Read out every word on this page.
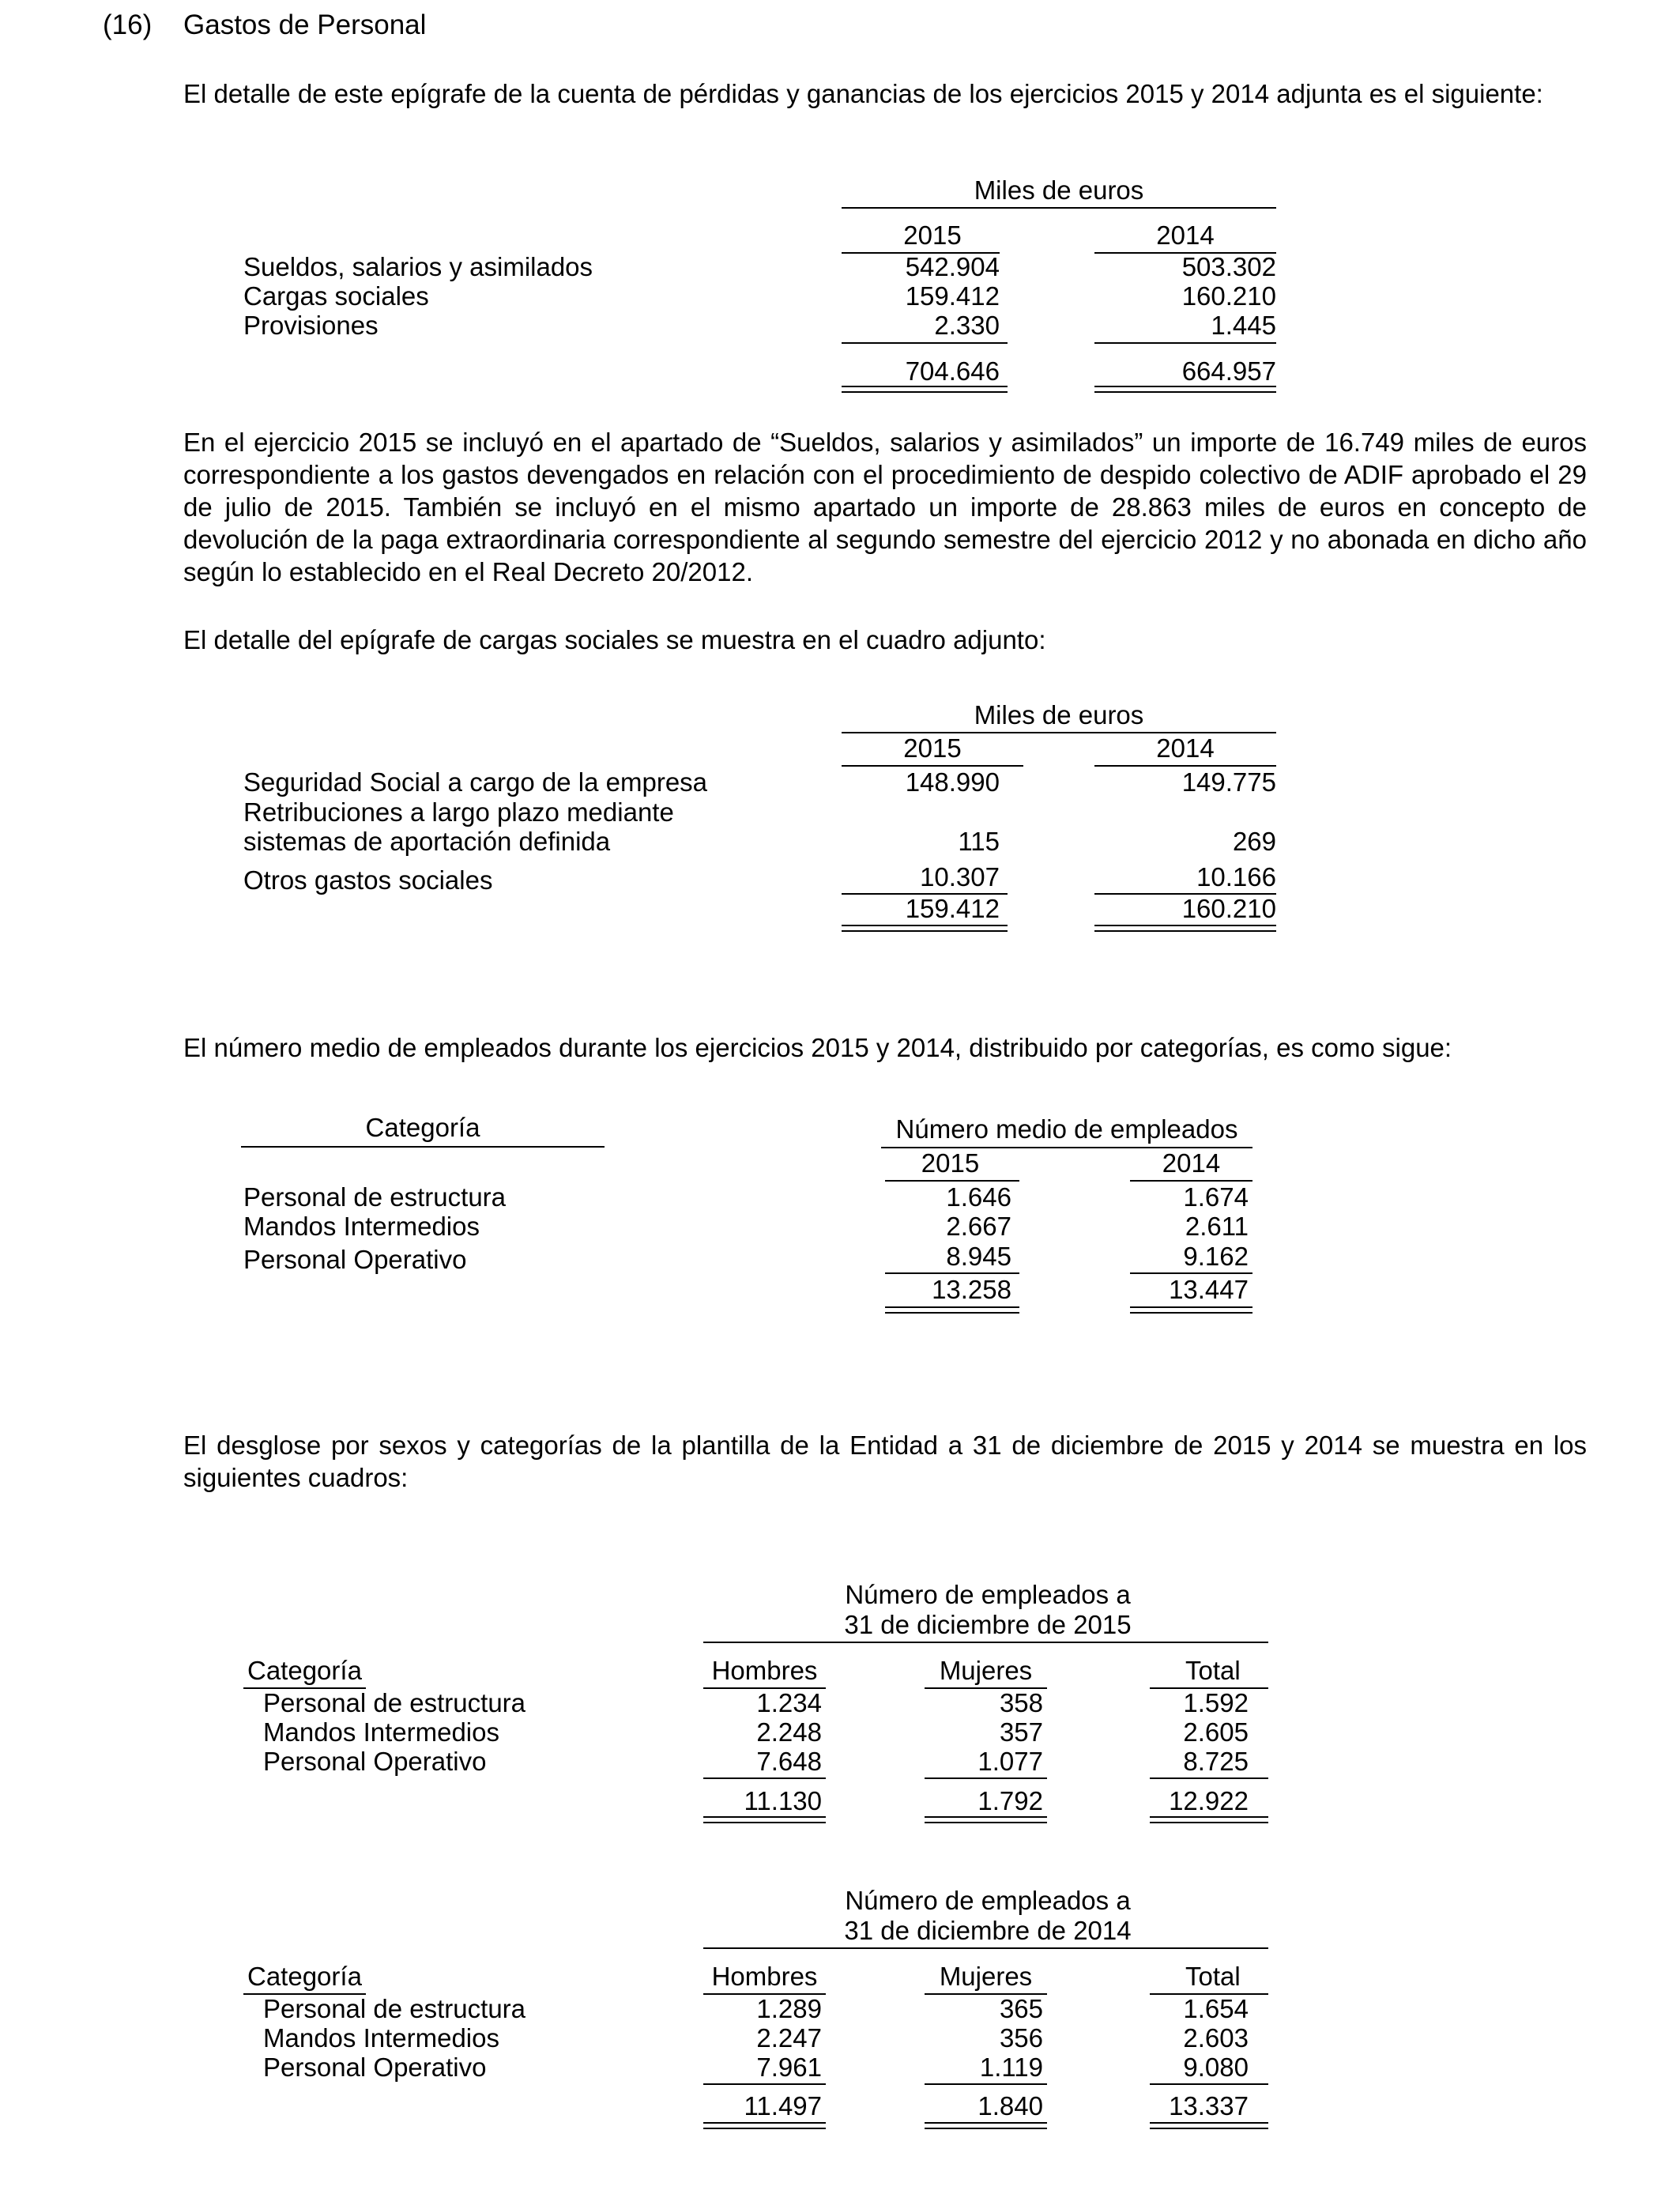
(16) Gastos de Personal
El detalle de este epígrafe de la cuenta de pérdidas y ganancias de los ejercicios 2015 y 2014 adjunta es el siguiente:
Miles de euros
2015	2014
Sueldos, salarios y asimilados	542.904	503.302
Cargas sociales	159.412	160.210
Provisiones	2.330	1.445
704.646	664.957
En el ejercicio 2015 se incluyó en el apartado de “Sueldos, salarios y asimilados” un importe de 16.749 miles de euros correspondiente a los gastos devengados en relación con el procedimiento de despido colectivo de ADIF aprobado el 29 de julio de 2015. También se incluyó en el mismo apartado un importe de 28.863 miles de euros en concepto de devolución de la paga extraordinaria correspondiente al segundo semestre del ejercicio 2012 y no abonada en dicho año según lo establecido en el Real Decreto 20/2012.
El detalle del epígrafe de cargas sociales se muestra en el cuadro adjunto:
Miles de euros
2015	2014
Seguridad Social a cargo de la empresa	148.990	149.775
Retribuciones a largo plazo mediante
sistemas de aportación definida	115	269
Otros gastos sociales	10.307	10.166
159.412	160.210
El número medio de empleados durante los ejercicios 2015 y 2014, distribuido por categorías, es como sigue:
Categoría	Número medio de empleados
2015	2014
Personal de estructura	1.646	1.674
Mandos Intermedios	2.667	2.611
Personal Operativo	8.945	9.162
13.258	13.447
El desglose por sexos y categorías de la plantilla de la Entidad a 31 de diciembre de 2015 y 2014 se muestra en los siguientes cuadros:
Número de empleados a
31 de diciembre de 2015
Categoría	Hombres	Mujeres	Total
Personal de estructura	1.234	358	1.592
Mandos Intermedios	2.248	357	2.605
Personal Operativo	7.648	1.077	8.725
11.130	1.792	12.922
Número de empleados a
31 de diciembre de 2014
Categoría	Hombres	Mujeres	Total
Personal de estructura	1.289	365	1.654
Mandos Intermedios	2.247	356	2.603
Personal Operativo	7.961	1.119	9.080
11.497	1.840	13.337
